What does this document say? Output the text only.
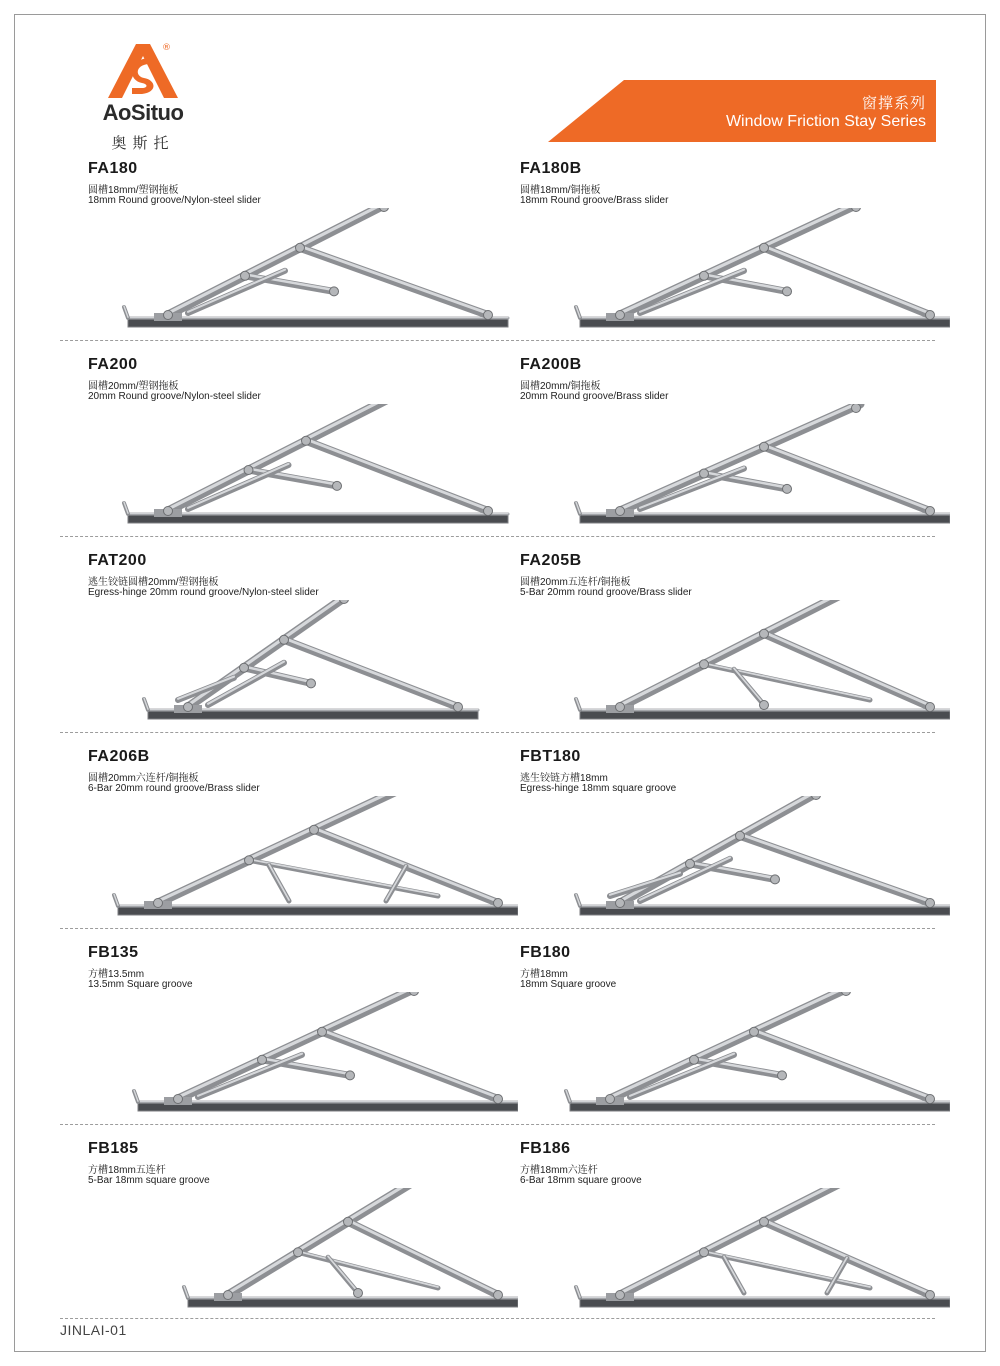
®
AoSituo
奥斯托
窗撑系列
Window Friction Stay Series
FA180
圆槽18mm/塑钢拖板
18mm Round groove/Nylon-steel slider
FA180B
圆槽18mm/铜拖板
18mm Round groove/Brass slider
FA200
圆槽20mm/塑钢拖板
20mm Round groove/Nylon-steel slider
FA200B
圆槽20mm/铜拖板
20mm Round groove/Brass slider
FAT200
逃生铰链圆槽20mm/塑钢拖板
Egress-hinge 20mm round groove/Nylon-steel slider
FA205B
圆槽20mm五连杆/铜拖板
5-Bar 20mm round groove/Brass slider
FA206B
圆槽20mm六连杆/铜拖板
6-Bar 20mm round groove/Brass slider
FBT180
逃生铰链方槽18mm
Egress-hinge 18mm square groove
FB135
方槽13.5mm
13.5mm Square groove
FB180
方槽18mm
18mm Square groove
FB185
方槽18mm五连杆
5-Bar 18mm square groove
FB186
方槽18mm六连杆
6-Bar 18mm square groove
JINLAI-01
